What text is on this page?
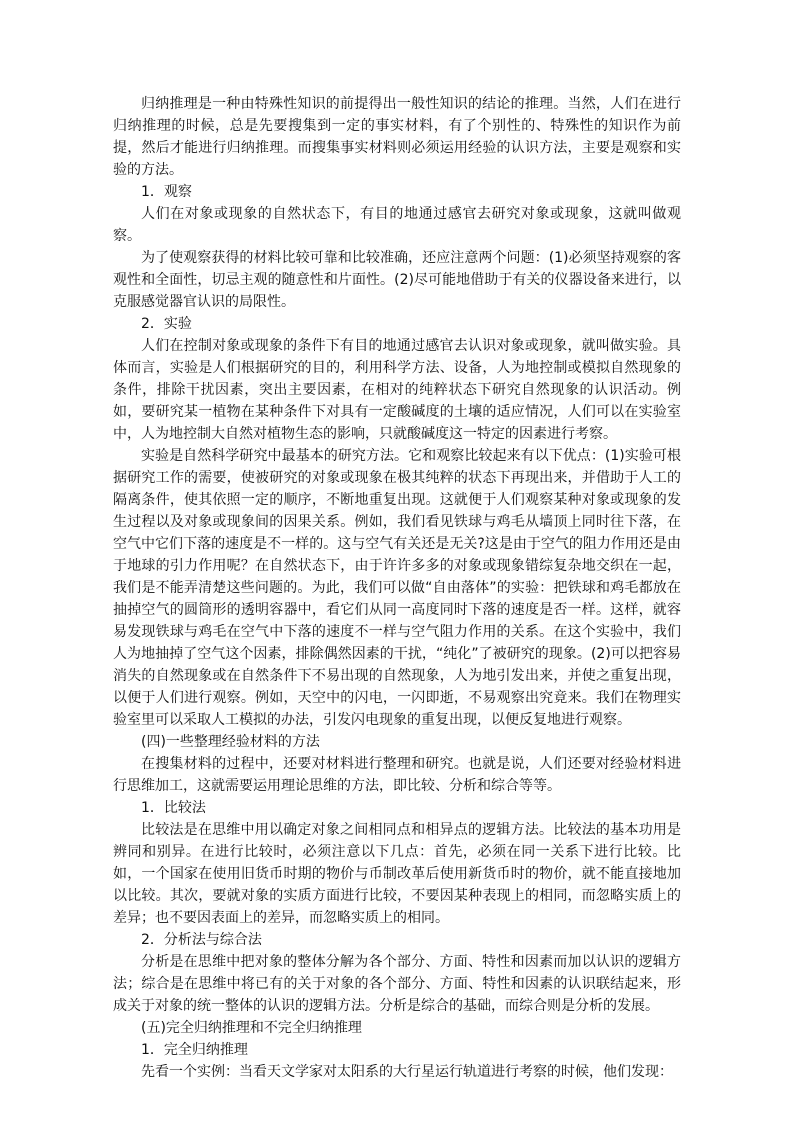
归纳推理是一种由特殊性知识的前提得出一般性知识的结论的推理。当然，人们在进行归纳推理的时候，总是先要搜集到一定的事实材料，有了个别性的、特殊性的知识作为前提，然后才能进行归纳推理。而搜集事实材料则必须运用经验的认识方法，主要是观察和实验的方法。

1．观察

人们在对象或现象的自然状态下，有目的地通过感官去研究对象或现象，这就叫做观察。

为了使观察获得的材料比较可靠和比较准确，还应注意两个问题：(1)必须坚持观察的客观性和全面性，切忌主观的随意性和片面性。(2)尽可能地借助于有关的仪器设备来进行，以克服感觉器官认识的局限性。

2．实验

人们在控制对象或现象的条件下有目的地通过感官去认识对象或现象，就叫做实验。具体而言，实验是人们根据研究的目的，利用科学方法、设备，人为地控制或模拟自然现象的条件，排除干扰因素，突出主要因素，在相对的纯粹状态下研究自然现象的认识活动。例如，要研究某一植物在某种条件下对具有一定酸碱度的土壤的适应情况，人们可以在实验室中，人为地控制大自然对植物生态的影响，只就酸碱度这一特定的因素进行考察。

实验是自然科学研究中最基本的研究方法。它和观察比较起来有以下优点：(1)实验可根据研究工作的需要，使被研究的对象或现象在极其纯粹的状态下再现出来，并借助于人工的隔离条件，使其依照一定的顺序，不断地重复出现。这就便于人们观察某种对象或现象的发生过程以及对象或现象间的因果关系。例如，我们看见铁球与鸡毛从墙顶上同时往下落，在空气中它们下落的速度是不一样的。这与空气有关还是无关?这是由于空气的阻力作用还是由于地球的引力作用呢？在自然状态下，由于许许多多的对象或现象错综复杂地交织在一起，我们是不能弄清楚这些问题的。为此，我们可以做“自由落体”的实验：把铁球和鸡毛都放在抽掉空气的圆筒形的透明容器中，看它们从同一高度同时下落的速度是否一样。这样，就容易发现铁球与鸡毛在空气中下落的速度不一样与空气阻力作用的关系。在这个实验中，我们人为地抽掉了空气这个因素，排除偶然因素的干扰，“纯化”了被研究的现象。(2)可以把容易消失的自然现象或在自然条件下不易出现的自然现象，人为地引发出来，并使之重复出现，以便于人们进行观察。例如，天空中的闪电，一闪即逝，不易观察出究竟来。我们在物理实验室里可以采取人工模拟的办法，引发闪电现象的重复出现，以便反复地进行观察。

(四)一些整理经验材料的方法

在搜集材料的过程中，还要对材料进行整理和研究。也就是说，人们还要对经验材料进行思维加工，这就需要运用理论思维的方法，即比较、分析和综合等等。

1．比较法

比较法是在思维中用以确定对象之间相同点和相异点的逻辑方法。比较法的基本功用是辨同和别异。在进行比较时，必须注意以下几点：首先，必须在同一关系下进行比较。比如，一个国家在使用旧货币时期的物价与币制改革后使用新货币时的物价，就不能直接地加以比较。其次，要就对象的实质方面进行比较，不要因某种表现上的相同，而忽略实质上的差异；也不要因表面上的差异，而忽略实质上的相同。

2．分析法与综合法

分析是在思维中把对象的整体分解为各个部分、方面、特性和因素而加以认识的逻辑方法；综合是在思维中将已有的关于对象的各个部分、方面、特性和因素的认识联结起来，形成关于对象的统一整体的认识的逻辑方法。分析是综合的基础，而综合则是分析的发展。

(五)完全归纳推理和不完全归纳推理

1．完全归纳推理

先看一个实例：当看天文学家对太阳系的大行星运行轨道进行考察的时候，他们发现：
